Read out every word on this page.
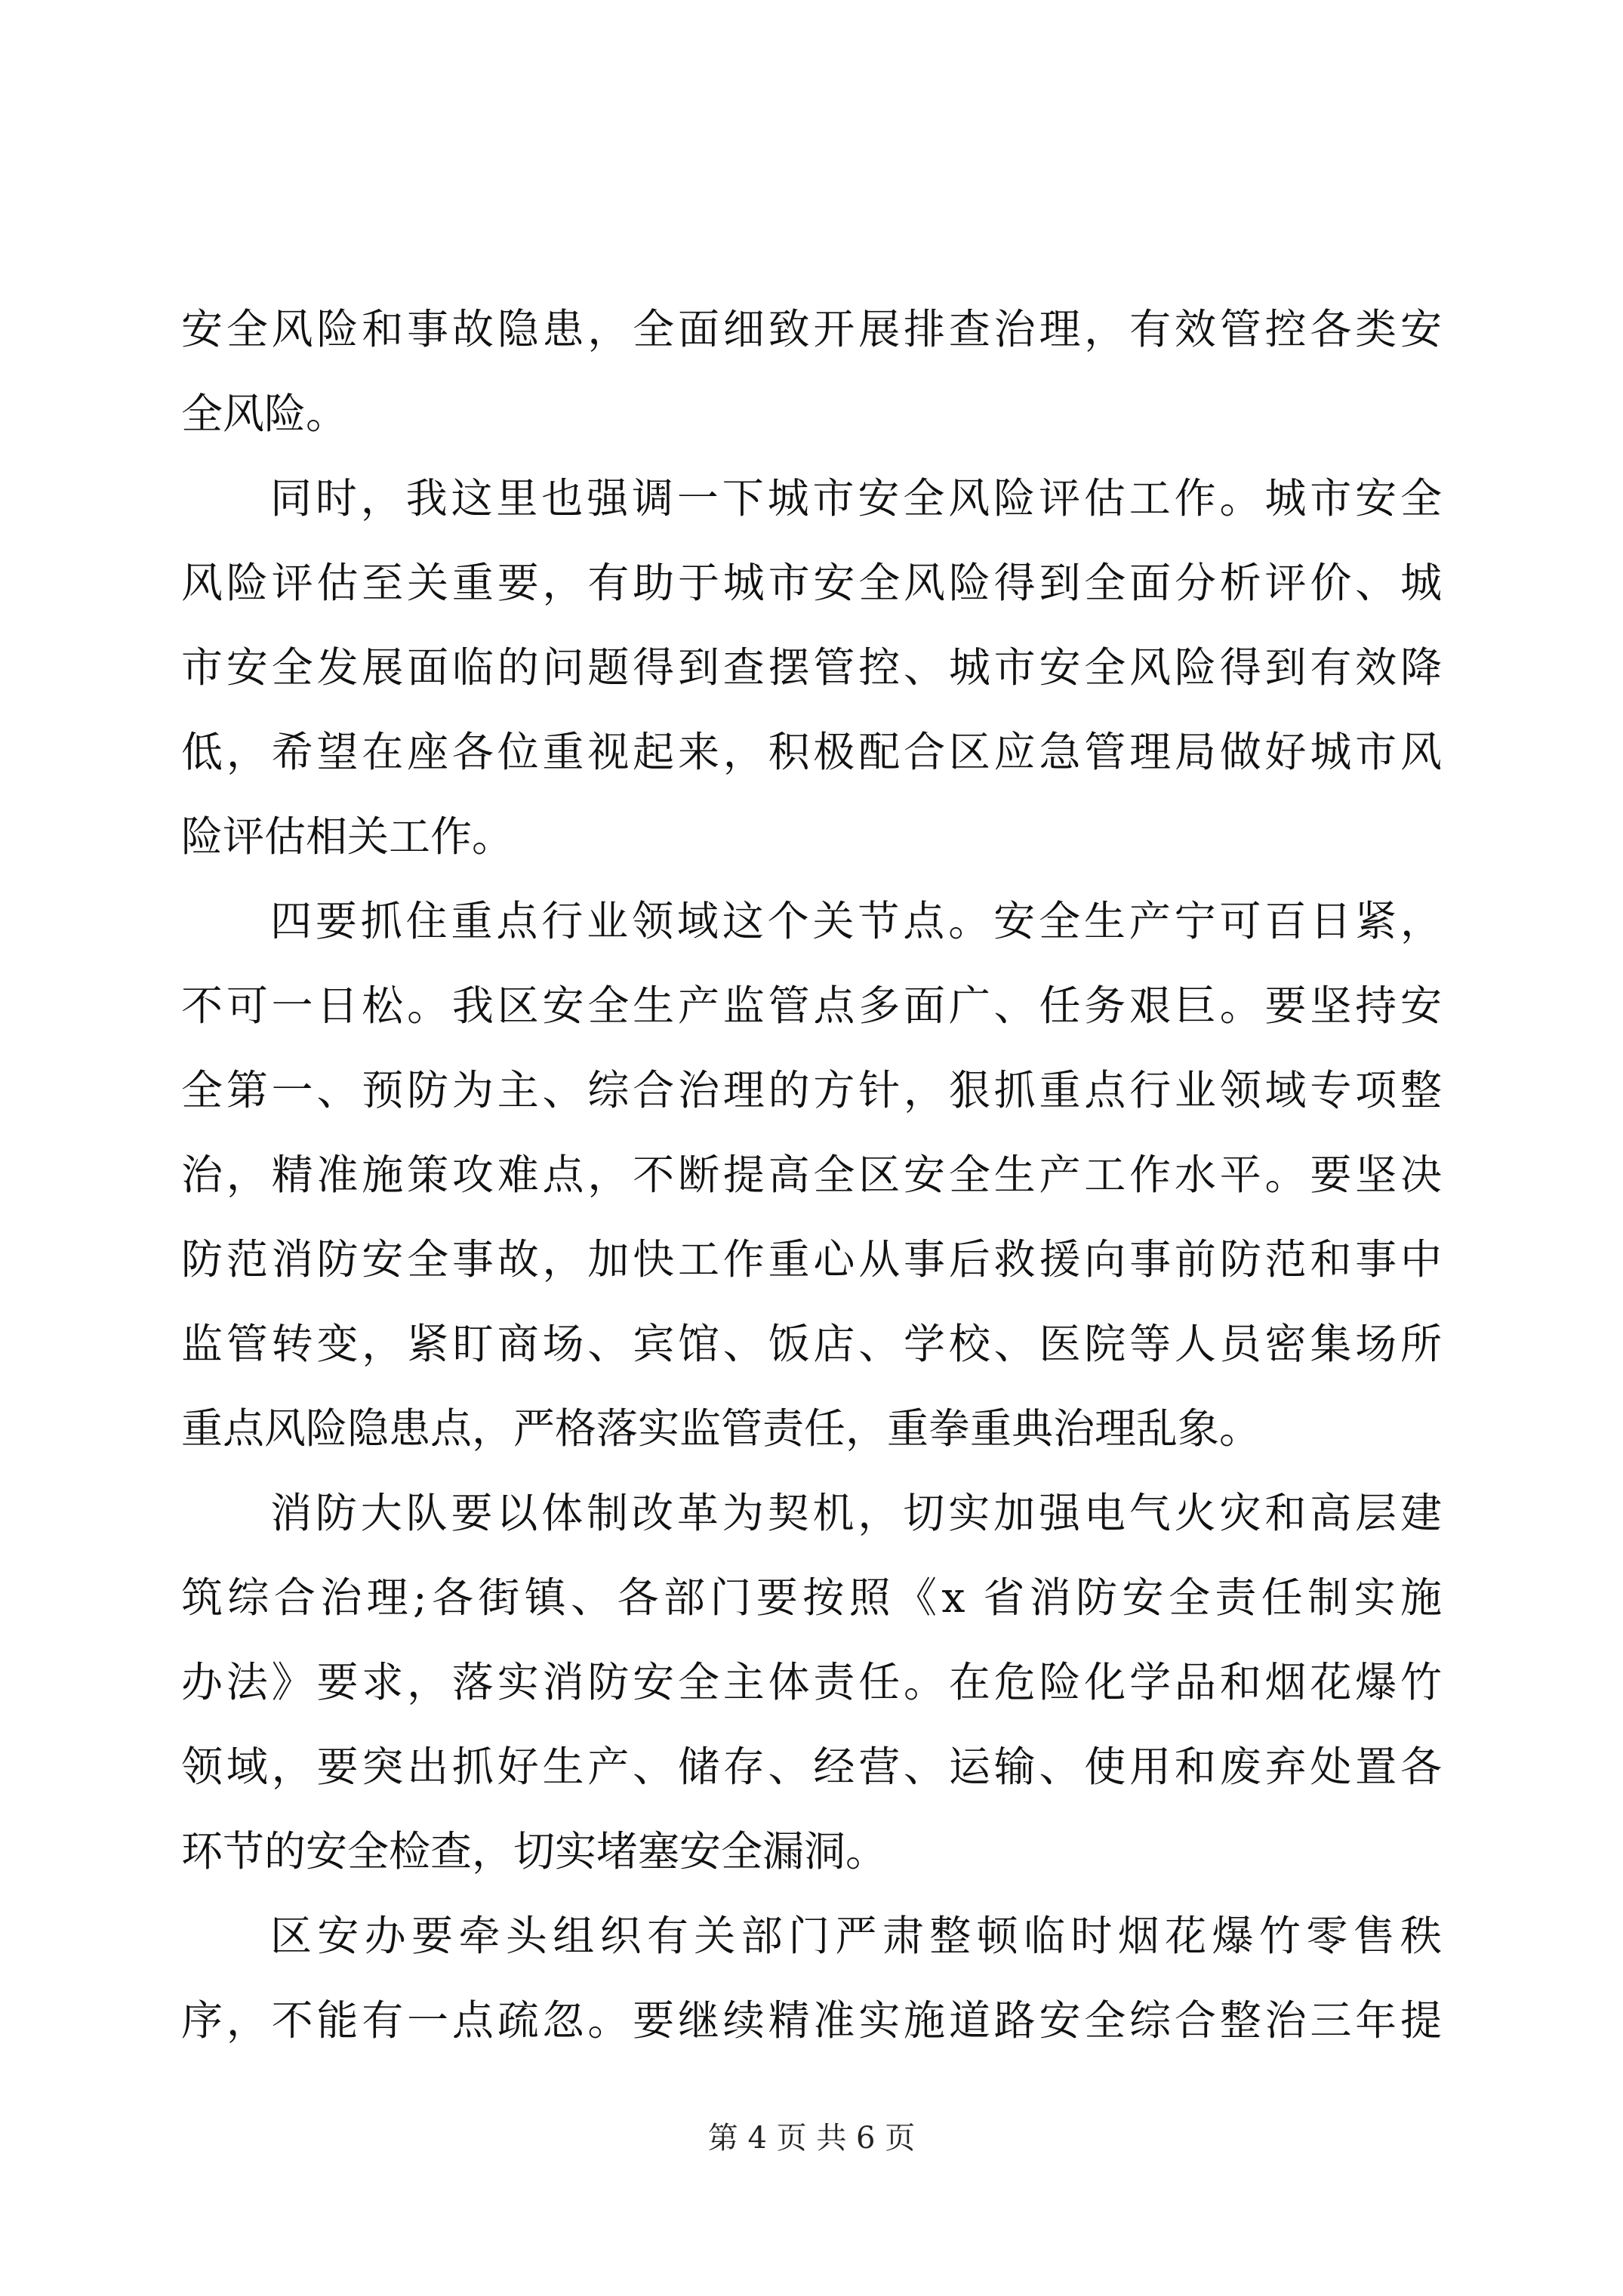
安全风险和事故隐患，全面细致开展排查治理，有效管控各类安
全风险。
同时，我这里也强调一下城市安全风险评估工作。城市安全
风险评估至关重要，有助于城市安全风险得到全面分析评价、城
市安全发展面临的问题得到查摆管控、城市安全风险得到有效降
低，希望在座各位重视起来，积极配合区应急管理局做好城市风
险评估相关工作。
四要抓住重点行业领域这个关节点。安全生产宁可百日紧，
不可一日松。我区安全生产监管点多面广、任务艰巨。要坚持安
全第一、预防为主、综合治理的方针，狠抓重点行业领域专项整
治，精准施策攻难点，不断提高全区安全生产工作水平。要坚决
防范消防安全事故，加快工作重心从事后救援向事前防范和事中
监管转变，紧盯商场、宾馆、饭店、学校、医院等人员密集场所
重点风险隐患点，严格落实监管责任，重拳重典治理乱象。
消防大队要以体制改革为契机，切实加强电气火灾和高层建
筑综合治理;各街镇、各部门要按照《x 省消防安全责任制实施
办法》要求，落实消防安全主体责任。在危险化学品和烟花爆竹
领域，要突出抓好生产、储存、经营、运输、使用和废弃处置各
环节的安全检查，切实堵塞安全漏洞。
区安办要牵头组织有关部门严肃整顿临时烟花爆竹零售秩
序，不能有一点疏忽。要继续精准实施道路安全综合整治三年提
第 4 页 共 6 页
